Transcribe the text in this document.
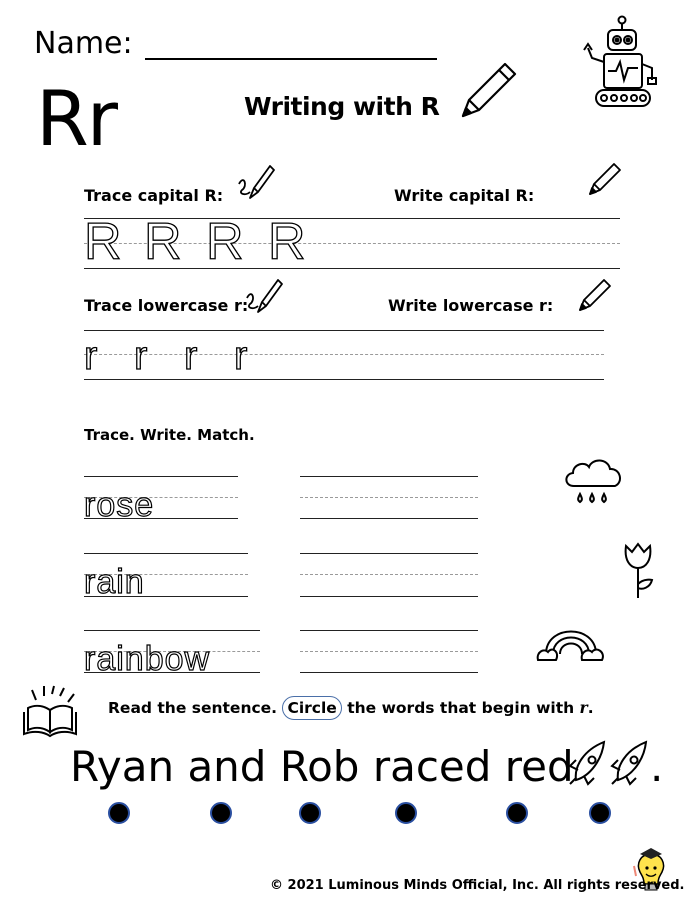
Name:
Rr	Writing with R
Trace capital R:	Write capital R:
R R R R
Trace lowercase r:	Write lowercase r:
r r r r
Trace. Write. Match.
rose
rain
rainbow
Read the sentence. Circle the words that begin with r.
Ryan and Rob raced red .
© 2021 Luminous Minds Official, Inc. All rights reserved.
